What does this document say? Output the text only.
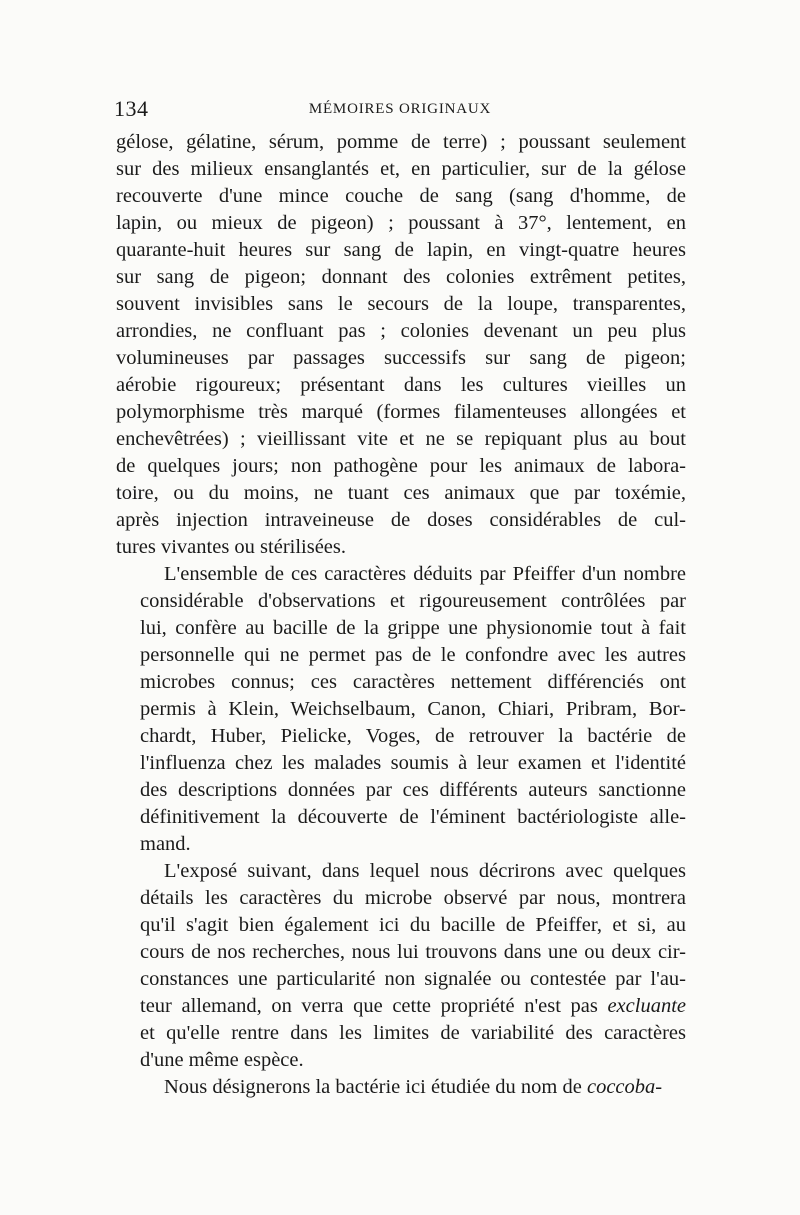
134	MÉMOIRES ORIGINAUX
gélose, gélatine, sérum, pomme de terre) ; poussant seulement
sur des milieux ensanglantés et, en particulier, sur de la gélose
recouverte d'une mince couche de sang (sang d'homme, de
lapin, ou mieux de pigeon) ; poussant à 37°, lentement, en
quarante-huit heures sur sang de lapin, en vingt-quatre heures
sur sang de pigeon; donnant des colonies extrêment petites,
souvent invisibles sans le secours de la loupe, transparentes,
arrondies, ne confluant pas ; colonies devenant un peu plus
volumineuses par passages successifs sur sang de pigeon;
aérobie rigoureux; présentant dans les cultures vieilles un
polymorphisme très marqué (formes filamenteuses allongées et
enchevêtrées) ; vieillissant vite et ne se repiquant plus au bout
de quelques jours; non pathogène pour les animaux de labora-
toire, ou du moins, ne tuant ces animaux que par toxémie,
après injection intraveineuse de doses considérables de cul-
tures vivantes ou stérilisées.
L'ensemble de ces caractères déduits par Pfeiffer d'un nombre
considérable d'observations et rigoureusement contrôlées par
lui, confère au bacille de la grippe une physionomie tout à fait
personnelle qui ne permet pas de le confondre avec les autres
microbes connus; ces caractères nettement différenciés ont
permis à Klein, Weichselbaum, Canon, Chiari, Pribram, Bor-
chardt, Huber, Pielicke, Voges, de retrouver la bactérie de
l'influenza chez les malades soumis à leur examen et l'identité
des descriptions données par ces différents auteurs sanctionne
définitivement la découverte de l'éminent bactériologiste alle-
mand.
L'exposé suivant, dans lequel nous décrirons avec quelques
détails les caractères du microbe observé par nous, montrera
qu'il s'agit bien également ici du bacille de Pfeiffer, et si, au
cours de nos recherches, nous lui trouvons dans une ou deux cir-
constances une particularité non signalée ou contestée par l'au-
teur allemand, on verra que cette propriété n'est pas excluante
et qu'elle rentre dans les limites de variabilité des caractères
d'une même espèce.
Nous désignerons la bactérie ici étudiée du nom de coccoba-
